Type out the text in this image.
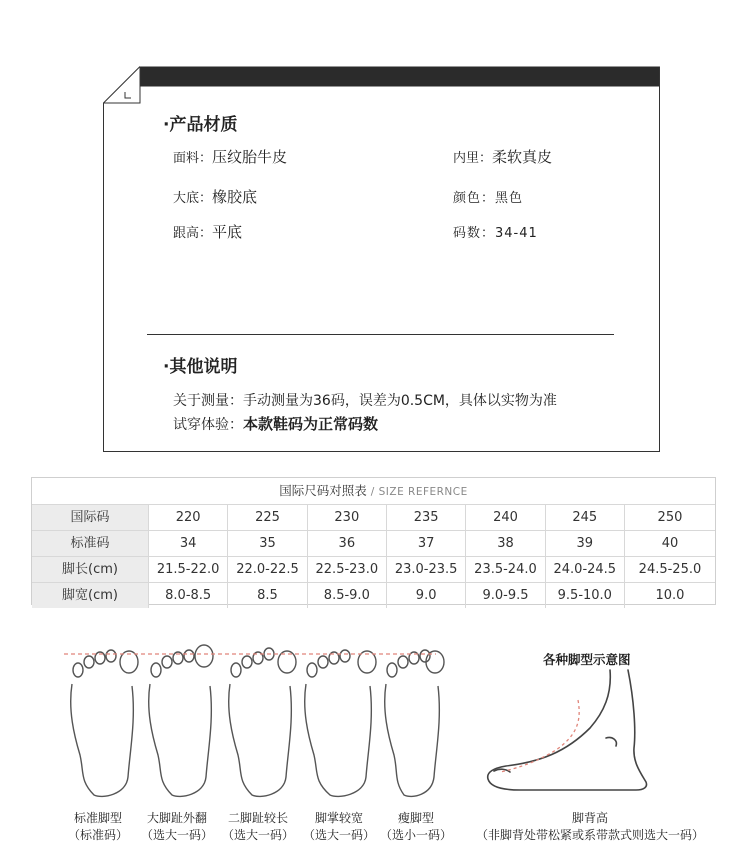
·产品材质
面料：压纹胎牛皮	内里：柔软真皮
大底：橡胶底	颜色：黑色
跟高：平底	码数：34-41
·其他说明
关于测量：手动测量为36码，误差为0.5CM，具体以实物为准
试穿体验：本款鞋码为正常码数
国际尺码对照表 / SIZE REFERNCE
国际码	220	225	230	235	240	245	250
标准码	34	35	36	37	38	39	40
脚长(cm)	21.5-22.0	22.0-22.5	22.5-23.0	23.0-23.5	23.5-24.0	24.0-24.5	24.5-25.0
脚宽(cm)	8.0-8.5	8.5	8.5-9.0	9.0	9.0-9.5	9.5-10.0	10.0
各种脚型示意图
标准脚型
（标准码）
大脚趾外翻
（选大一码）
二脚趾较长
（选大一码）
脚掌较宽
（选大一码）
瘦脚型
（选小一码）
脚背高
（非脚背处带松紧或系带款式则选大一码）
